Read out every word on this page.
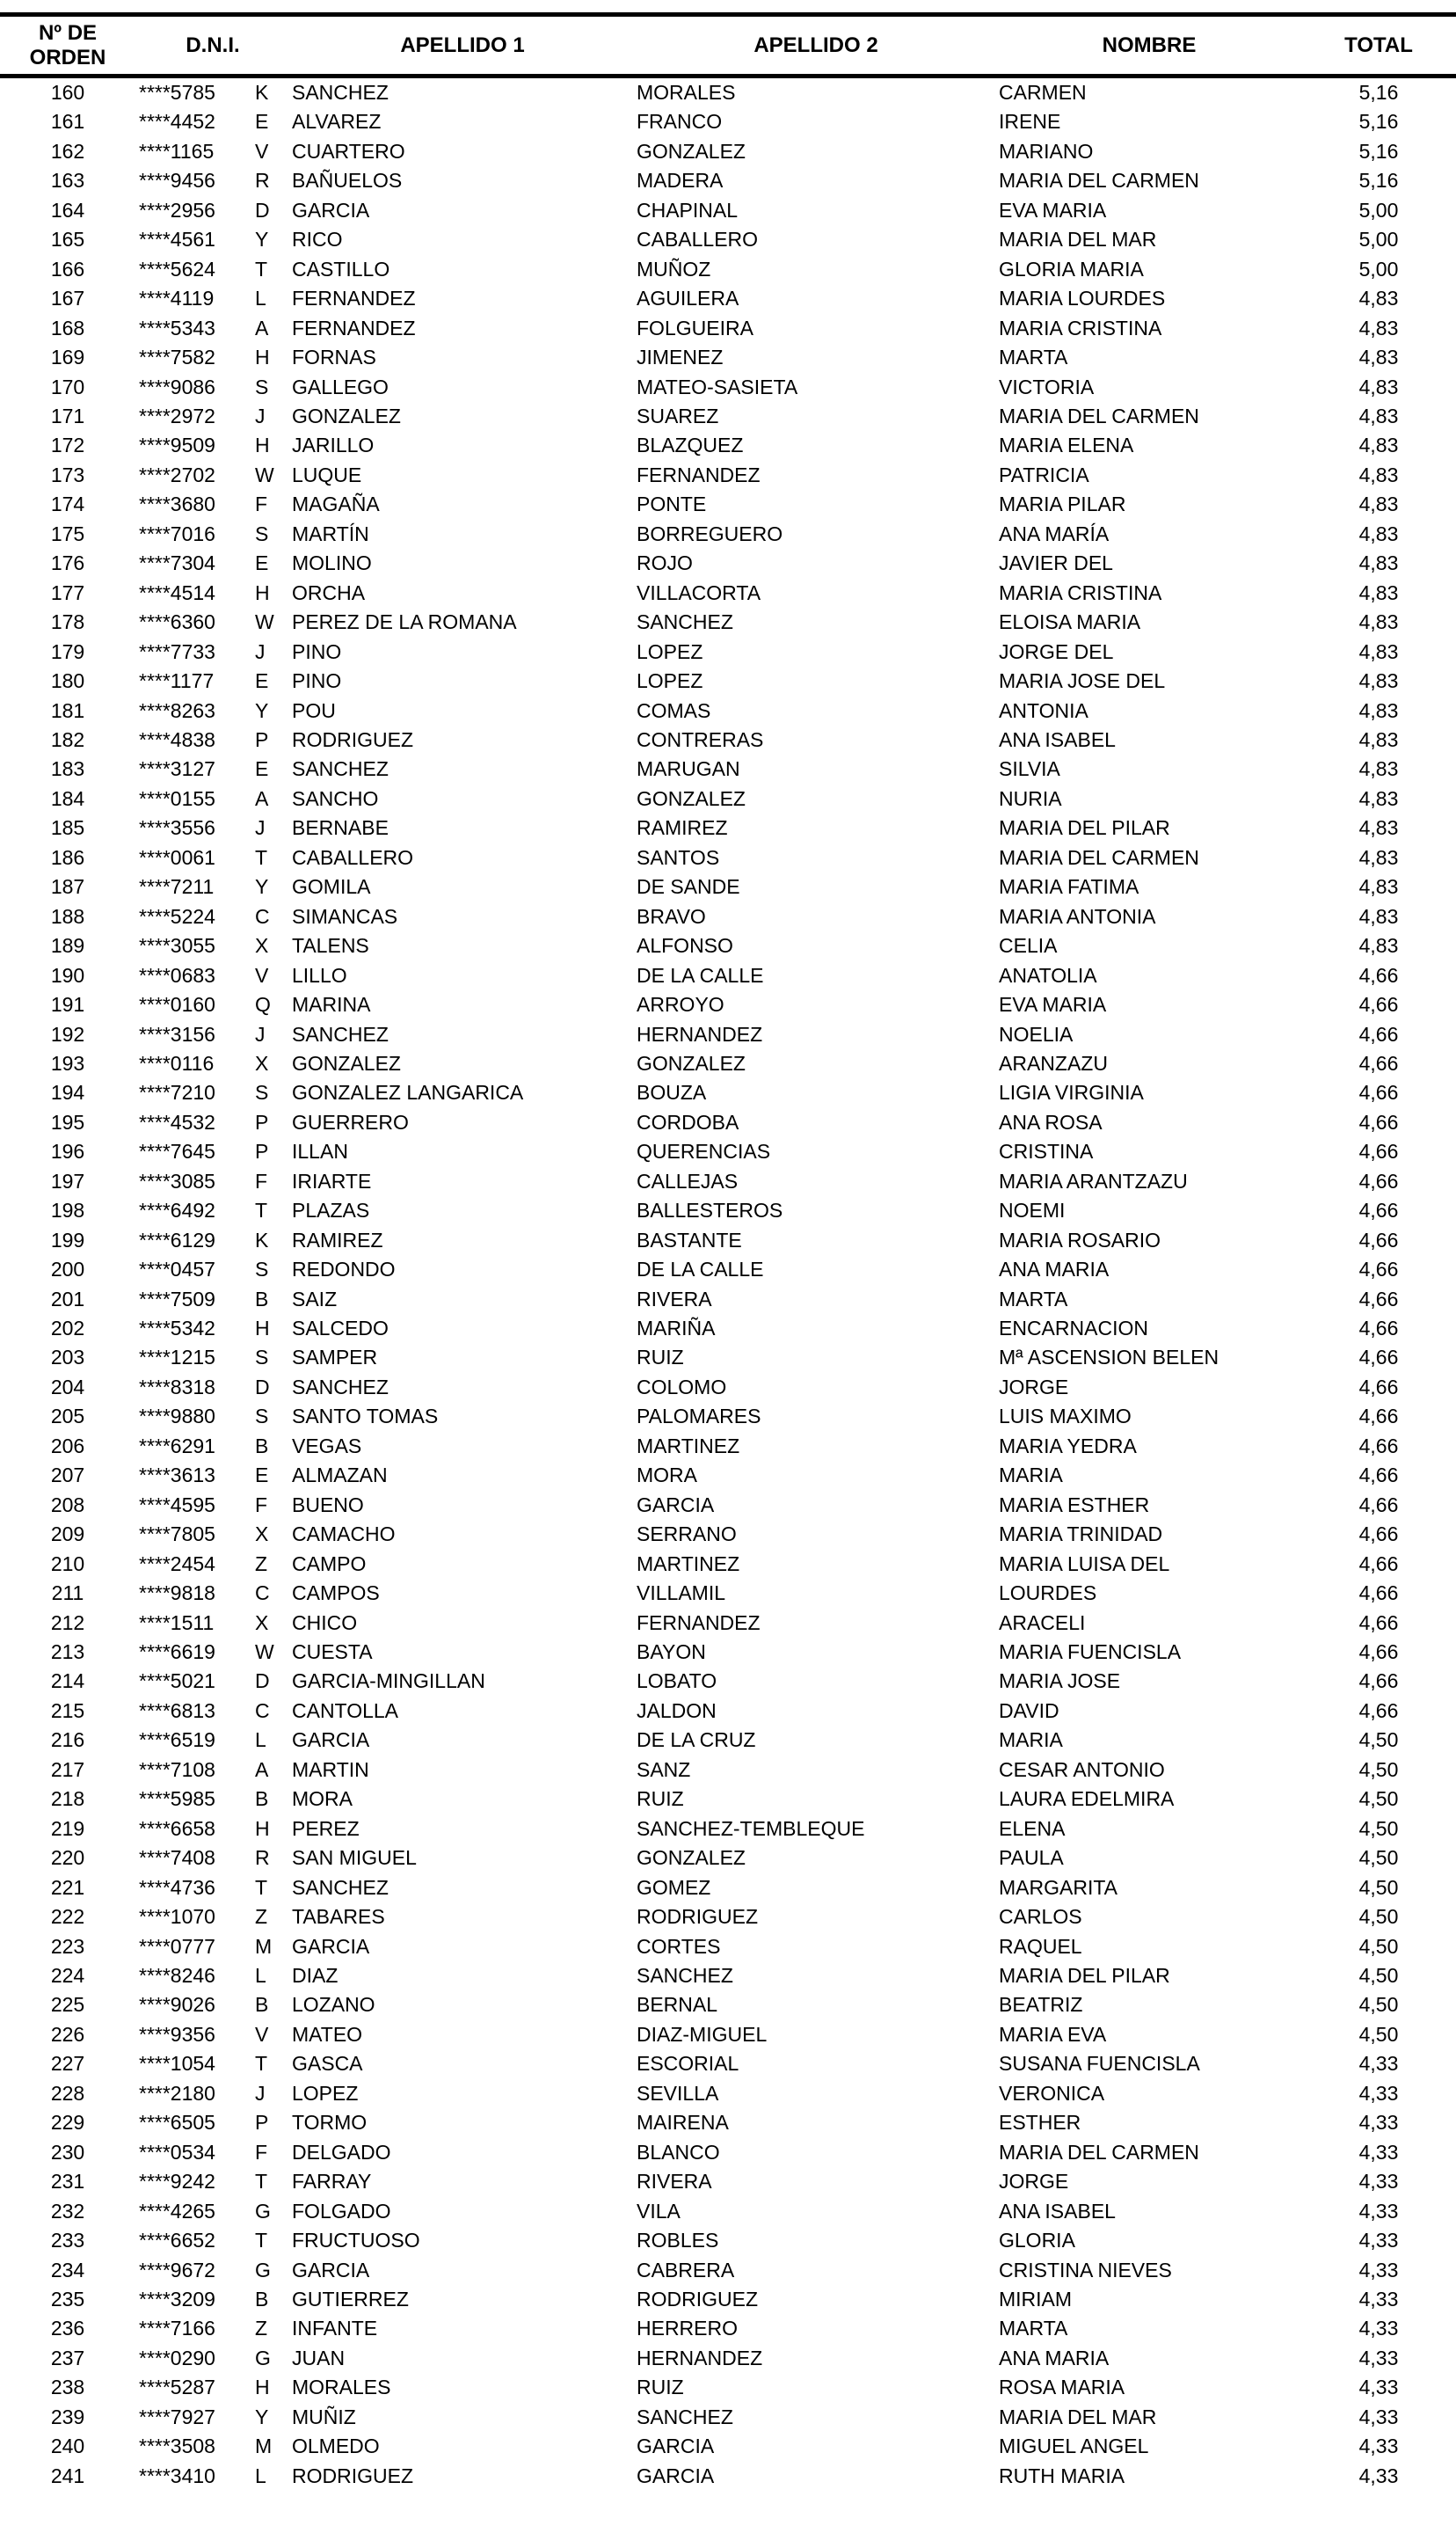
Nº DE ORDEN	D.N.I.		APELLIDO 1	APELLIDO 2	NOMBRE	TOTAL
160	****5785	K	SANCHEZ	MORALES	CARMEN	5,16
161	****4452	E	ALVAREZ	FRANCO	IRENE	5,16
162	****1165	V	CUARTERO	GONZALEZ	MARIANO	5,16
163	****9456	R	BAÑUELOS	MADERA	MARIA DEL CARMEN	5,16
164	****2956	D	GARCIA	CHAPINAL	EVA MARIA	5,00
165	****4561	Y	RICO	CABALLERO	MARIA DEL MAR	5,00
166	****5624	T	CASTILLO	MUÑOZ	GLORIA MARIA	5,00
167	****4119	L	FERNANDEZ	AGUILERA	MARIA LOURDES	4,83
168	****5343	A	FERNANDEZ	FOLGUEIRA	MARIA CRISTINA	4,83
169	****7582	H	FORNAS	JIMENEZ	MARTA	4,83
170	****9086	S	GALLEGO	MATEO-SASIETA	VICTORIA	4,83
171	****2972	J	GONZALEZ	SUAREZ	MARIA DEL CARMEN	4,83
172	****9509	H	JARILLO	BLAZQUEZ	MARIA ELENA	4,83
173	****2702	W	LUQUE	FERNANDEZ	PATRICIA	4,83
174	****3680	F	MAGAÑA	PONTE	MARIA PILAR	4,83
175	****7016	S	MARTÍN	BORREGUERO	ANA MARÍA	4,83
176	****7304	E	MOLINO	ROJO	JAVIER DEL	4,83
177	****4514	H	ORCHA	VILLACORTA	MARIA CRISTINA	4,83
178	****6360	W	PEREZ DE LA ROMANA	SANCHEZ	ELOISA MARIA	4,83
179	****7733	J	PINO	LOPEZ	JORGE DEL	4,83
180	****1177	E	PINO	LOPEZ	MARIA JOSE DEL	4,83
181	****8263	Y	POU	COMAS	ANTONIA	4,83
182	****4838	P	RODRIGUEZ	CONTRERAS	ANA ISABEL	4,83
183	****3127	E	SANCHEZ	MARUGAN	SILVIA	4,83
184	****0155	A	SANCHO	GONZALEZ	NURIA	4,83
185	****3556	J	BERNABE	RAMIREZ	MARIA DEL PILAR	4,83
186	****0061	T	CABALLERO	SANTOS	MARIA DEL CARMEN	4,83
187	****7211	Y	GOMILA	DE SANDE	MARIA FATIMA	4,83
188	****5224	C	SIMANCAS	BRAVO	MARIA ANTONIA	4,83
189	****3055	X	TALENS	ALFONSO	CELIA	4,83
190	****0683	V	LILLO	DE LA CALLE	ANATOLIA	4,66
191	****0160	Q	MARINA	ARROYO	EVA MARIA	4,66
192	****3156	J	SANCHEZ	HERNANDEZ	NOELIA	4,66
193	****0116	X	GONZALEZ	GONZALEZ	ARANZAZU	4,66
194	****7210	S	GONZALEZ LANGARICA	BOUZA	LIGIA VIRGINIA	4,66
195	****4532	P	GUERRERO	CORDOBA	ANA ROSA	4,66
196	****7645	P	ILLAN	QUERENCIAS	CRISTINA	4,66
197	****3085	F	IRIARTE	CALLEJAS	MARIA ARANTZAZU	4,66
198	****6492	T	PLAZAS	BALLESTEROS	NOEMI	4,66
199	****6129	K	RAMIREZ	BASTANTE	MARIA ROSARIO	4,66
200	****0457	S	REDONDO	DE LA CALLE	ANA MARIA	4,66
201	****7509	B	SAIZ	RIVERA	MARTA	4,66
202	****5342	H	SALCEDO	MARIÑA	ENCARNACION	4,66
203	****1215	S	SAMPER	RUIZ	Mª ASCENSION BELEN	4,66
204	****8318	D	SANCHEZ	COLOMO	JORGE	4,66
205	****9880	S	SANTO TOMAS	PALOMARES	LUIS MAXIMO	4,66
206	****6291	B	VEGAS	MARTINEZ	MARIA YEDRA	4,66
207	****3613	E	ALMAZAN	MORA	MARIA	4,66
208	****4595	F	BUENO	GARCIA	MARIA ESTHER	4,66
209	****7805	X	CAMACHO	SERRANO	MARIA TRINIDAD	4,66
210	****2454	Z	CAMPO	MARTINEZ	MARIA LUISA DEL	4,66
211	****9818	C	CAMPOS	VILLAMIL	LOURDES	4,66
212	****1511	X	CHICO	FERNANDEZ	ARACELI	4,66
213	****6619	W	CUESTA	BAYON	MARIA FUENCISLA	4,66
214	****5021	D	GARCIA-MINGILLAN	LOBATO	MARIA JOSE	4,66
215	****6813	C	CANTOLLA	JALDON	DAVID	4,66
216	****6519	L	GARCIA	DE LA CRUZ	MARIA	4,50
217	****7108	A	MARTIN	SANZ	CESAR ANTONIO	4,50
218	****5985	B	MORA	RUIZ	LAURA EDELMIRA	4,50
219	****6658	H	PEREZ	SANCHEZ-TEMBLEQUE	ELENA	4,50
220	****7408	R	SAN MIGUEL	GONZALEZ	PAULA	4,50
221	****4736	T	SANCHEZ	GOMEZ	MARGARITA	4,50
222	****1070	Z	TABARES	RODRIGUEZ	CARLOS	4,50
223	****0777	M	GARCIA	CORTES	RAQUEL	4,50
224	****8246	L	DIAZ	SANCHEZ	MARIA DEL PILAR	4,50
225	****9026	B	LOZANO	BERNAL	BEATRIZ	4,50
226	****9356	V	MATEO	DIAZ-MIGUEL	MARIA EVA	4,50
227	****1054	T	GASCA	ESCORIAL	SUSANA FUENCISLA	4,33
228	****2180	J	LOPEZ	SEVILLA	VERONICA	4,33
229	****6505	P	TORMO	MAIRENA	ESTHER	4,33
230	****0534	F	DELGADO	BLANCO	MARIA DEL CARMEN	4,33
231	****9242	T	FARRAY	RIVERA	JORGE	4,33
232	****4265	G	FOLGADO	VILA	ANA ISABEL	4,33
233	****6652	T	FRUCTUOSO	ROBLES	GLORIA	4,33
234	****9672	G	GARCIA	CABRERA	CRISTINA NIEVES	4,33
235	****3209	B	GUTIERREZ	RODRIGUEZ	MIRIAM	4,33
236	****7166	Z	INFANTE	HERRERO	MARTA	4,33
237	****0290	G	JUAN	HERNANDEZ	ANA MARIA	4,33
238	****5287	H	MORALES	RUIZ	ROSA MARIA	4,33
239	****7927	Y	MUÑIZ	SANCHEZ	MARIA DEL MAR	4,33
240	****3508	M	OLMEDO	GARCIA	MIGUEL ANGEL	4,33
241	****3410	L	RODRIGUEZ	GARCIA	RUTH MARIA	4,33
